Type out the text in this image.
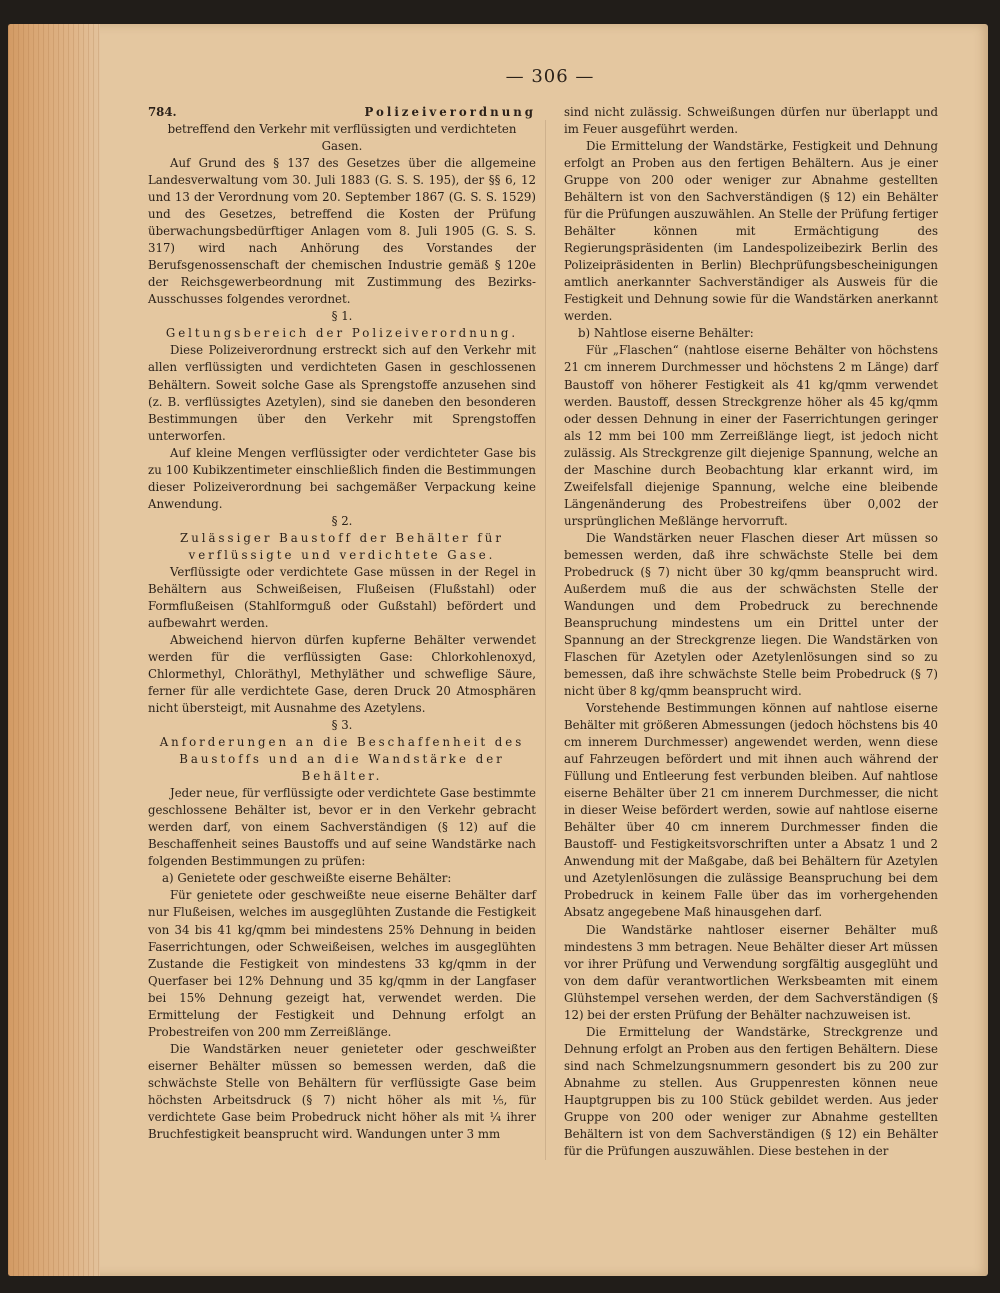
— 306 —

784.	Polizeiverordnung

betreffend den Verkehr mit verflüssigten und verdichteten Gasen.

Auf Grund des § 137 des Gesetzes über die allgemeine Landesverwaltung vom 30. Juli 1883 (G. S. S. 195), der §§ 6, 12 und 13 der Verordnung vom 20. September 1867 (G. S. S. 1529) und des Gesetzes, betreffend die Kosten der Prüfung überwachungsbedürftiger Anlagen vom 8. Juli 1905 (G. S. S. 317) wird nach Anhörung des Vorstandes der Berufsgenossenschaft der chemischen Industrie gemäß § 120e der Reichsgewerbeordnung mit Zustimmung des Bezirks-Ausschusses folgendes verordnet.

§ 1.

Geltungsbereich der Polizeiverordnung.

Diese Polizeiverordnung erstreckt sich auf den Verkehr mit allen verflüssigten und verdichteten Gasen in geschlossenen Behältern. Soweit solche Gase als Sprengstoffe anzusehen sind (z. B. verflüssigtes Azetylen), sind sie daneben den besonderen Bestimmungen über den Verkehr mit Sprengstoffen unterworfen.

Auf kleine Mengen verflüssigter oder verdichteter Gase bis zu 100 Kubikzentimeter einschließlich finden die Bestimmungen dieser Polizeiverordnung bei sachgemäßer Verpackung keine Anwendung.

§ 2.

Zulässiger Baustoff der Behälter für verflüssigte und verdichtete Gase.

Verflüssigte oder verdichtete Gase müssen in der Regel in Behältern aus Schweißeisen, Flußeisen (Flußstahl) oder Formflußeisen (Stahlformguß oder Gußstahl) befördert und aufbewahrt werden.

Abweichend hiervon dürfen kupferne Behälter verwendet werden für die verflüssigten Gase: Chlorkohlenoxyd, Chlormethyl, Chloräthyl, Methyläther und schweflige Säure, ferner für alle verdichtete Gase, deren Druck 20 Atmosphären nicht übersteigt, mit Ausnahme des Azetylens.

§ 3.

Anforderungen an die Beschaffenheit des Baustoffs und an die Wandstärke der Behälter.

Jeder neue, für verflüssigte oder verdichtete Gase bestimmte geschlossene Behälter ist, bevor er in den Verkehr gebracht werden darf, von einem Sachverständigen (§ 12) auf die Beschaffenheit seines Baustoffs und auf seine Wandstärke nach folgenden Bestimmungen zu prüfen:

a) Genietete oder geschweißte eiserne Behälter:

Für genietete oder geschweißte neue eiserne Behälter darf nur Flußeisen, welches im ausgeglühten Zustande die Festigkeit von 34 bis 41 kg/qmm bei mindestens 25% Dehnung in beiden Faserrichtungen, oder Schweißeisen, welches im ausgeglühten Zustande die Festigkeit von mindestens 33 kg/qmm in der Querfaser bei 12% Dehnung und 35 kg/qmm in der Langfaser bei 15% Dehnung gezeigt hat, verwendet werden. Die Ermittelung der Festigkeit und Dehnung erfolgt an Probestreifen von 200 mm Zerreißlänge.

Die Wandstärken neuer genieteter oder geschweißter eiserner Behälter müssen so bemessen werden, daß die schwächste Stelle von Behältern für verflüssigte Gase beim höchsten Arbeitsdruck (§ 7) nicht höher als mit ⅕, für verdichtete Gase beim Probedruck nicht höher als mit ¼ ihrer Bruchfestigkeit beansprucht wird. Wandungen unter 3 mm

sind nicht zulässig. Schweißungen dürfen nur überlappt und im Feuer ausgeführt werden.

Die Ermittelung der Wandstärke, Festigkeit und Dehnung erfolgt an Proben aus den fertigen Behältern. Aus je einer Gruppe von 200 oder weniger zur Abnahme gestellten Behältern ist von den Sachverständigen (§ 12) ein Behälter für die Prüfungen auszuwählen. An Stelle der Prüfung fertiger Behälter können mit Ermächtigung des Regierungspräsidenten (im Landespolizeibezirk Berlin des Polizeipräsidenten in Berlin) Blechprüfungsbescheinigungen amtlich anerkannter Sachverständiger als Ausweis für die Festigkeit und Dehnung sowie für die Wandstärken anerkannt werden.

b) Nahtlose eiserne Behälter:

Für „Flaschen“ (nahtlose eiserne Behälter von höchstens 21 cm innerem Durchmesser und höchstens 2 m Länge) darf Baustoff von höherer Festigkeit als 41 kg/qmm verwendet werden. Baustoff, dessen Streckgrenze höher als 45 kg/qmm oder dessen Dehnung in einer der Faserrichtungen geringer als 12 mm bei 100 mm Zerreißlänge liegt, ist jedoch nicht zulässig. Als Streckgrenze gilt diejenige Spannung, welche an der Maschine durch Beobachtung klar erkannt wird, im Zweifelsfall diejenige Spannung, welche eine bleibende Längenänderung des Probestreifens über 0,002 der ursprünglichen Meßlänge hervorruft.

Die Wandstärken neuer Flaschen dieser Art müssen so bemessen werden, daß ihre schwächste Stelle bei dem Probedruck (§ 7) nicht über 30 kg/qmm beansprucht wird. Außerdem muß die aus der schwächsten Stelle der Wandungen und dem Probedruck zu berechnende Beanspruchung mindestens um ein Drittel unter der Spannung an der Streckgrenze liegen. Die Wandstärken von Flaschen für Azetylen oder Azetylenlösungen sind so zu bemessen, daß ihre schwächste Stelle beim Probedruck (§ 7) nicht über 8 kg/qmm beansprucht wird.

Vorstehende Bestimmungen können auf nahtlose eiserne Behälter mit größeren Abmessungen (jedoch höchstens bis 40 cm innerem Durchmesser) angewendet werden, wenn diese auf Fahrzeugen befördert und mit ihnen auch während der Füllung und Entleerung fest verbunden bleiben. Auf nahtlose eiserne Behälter über 21 cm innerem Durchmesser, die nicht in dieser Weise befördert werden, sowie auf nahtlose eiserne Behälter über 40 cm innerem Durchmesser finden die Baustoff- und Festigkeitsvorschriften unter a Absatz 1 und 2 Anwendung mit der Maßgabe, daß bei Behältern für Azetylen und Azetylenlösungen die zulässige Beanspruchung bei dem Probedruck in keinem Falle über das im vorhergehenden Absatz angegebene Maß hinausgehen darf.

Die Wandstärke nahtloser eiserner Behälter muß mindestens 3 mm betragen. Neue Behälter dieser Art müssen vor ihrer Prüfung und Verwendung sorgfältig ausgeglüht und von dem dafür verantwortlichen Werksbeamten mit einem Glühstempel versehen werden, der dem Sachverständigen (§ 12) bei der ersten Prüfung der Behälter nachzuweisen ist.

Die Ermittelung der Wandstärke, Streckgrenze und Dehnung erfolgt an Proben aus den fertigen Behältern. Diese sind nach Schmelzungsnummern gesondert bis zu 200 zur Abnahme zu stellen. Aus Gruppenresten können neue Hauptgruppen bis zu 100 Stück gebildet werden. Aus jeder Gruppe von 200 oder weniger zur Abnahme gestellten Behältern ist von dem Sachverständigen (§ 12) ein Behälter für die Prüfungen auszuwählen. Diese bestehen in der
